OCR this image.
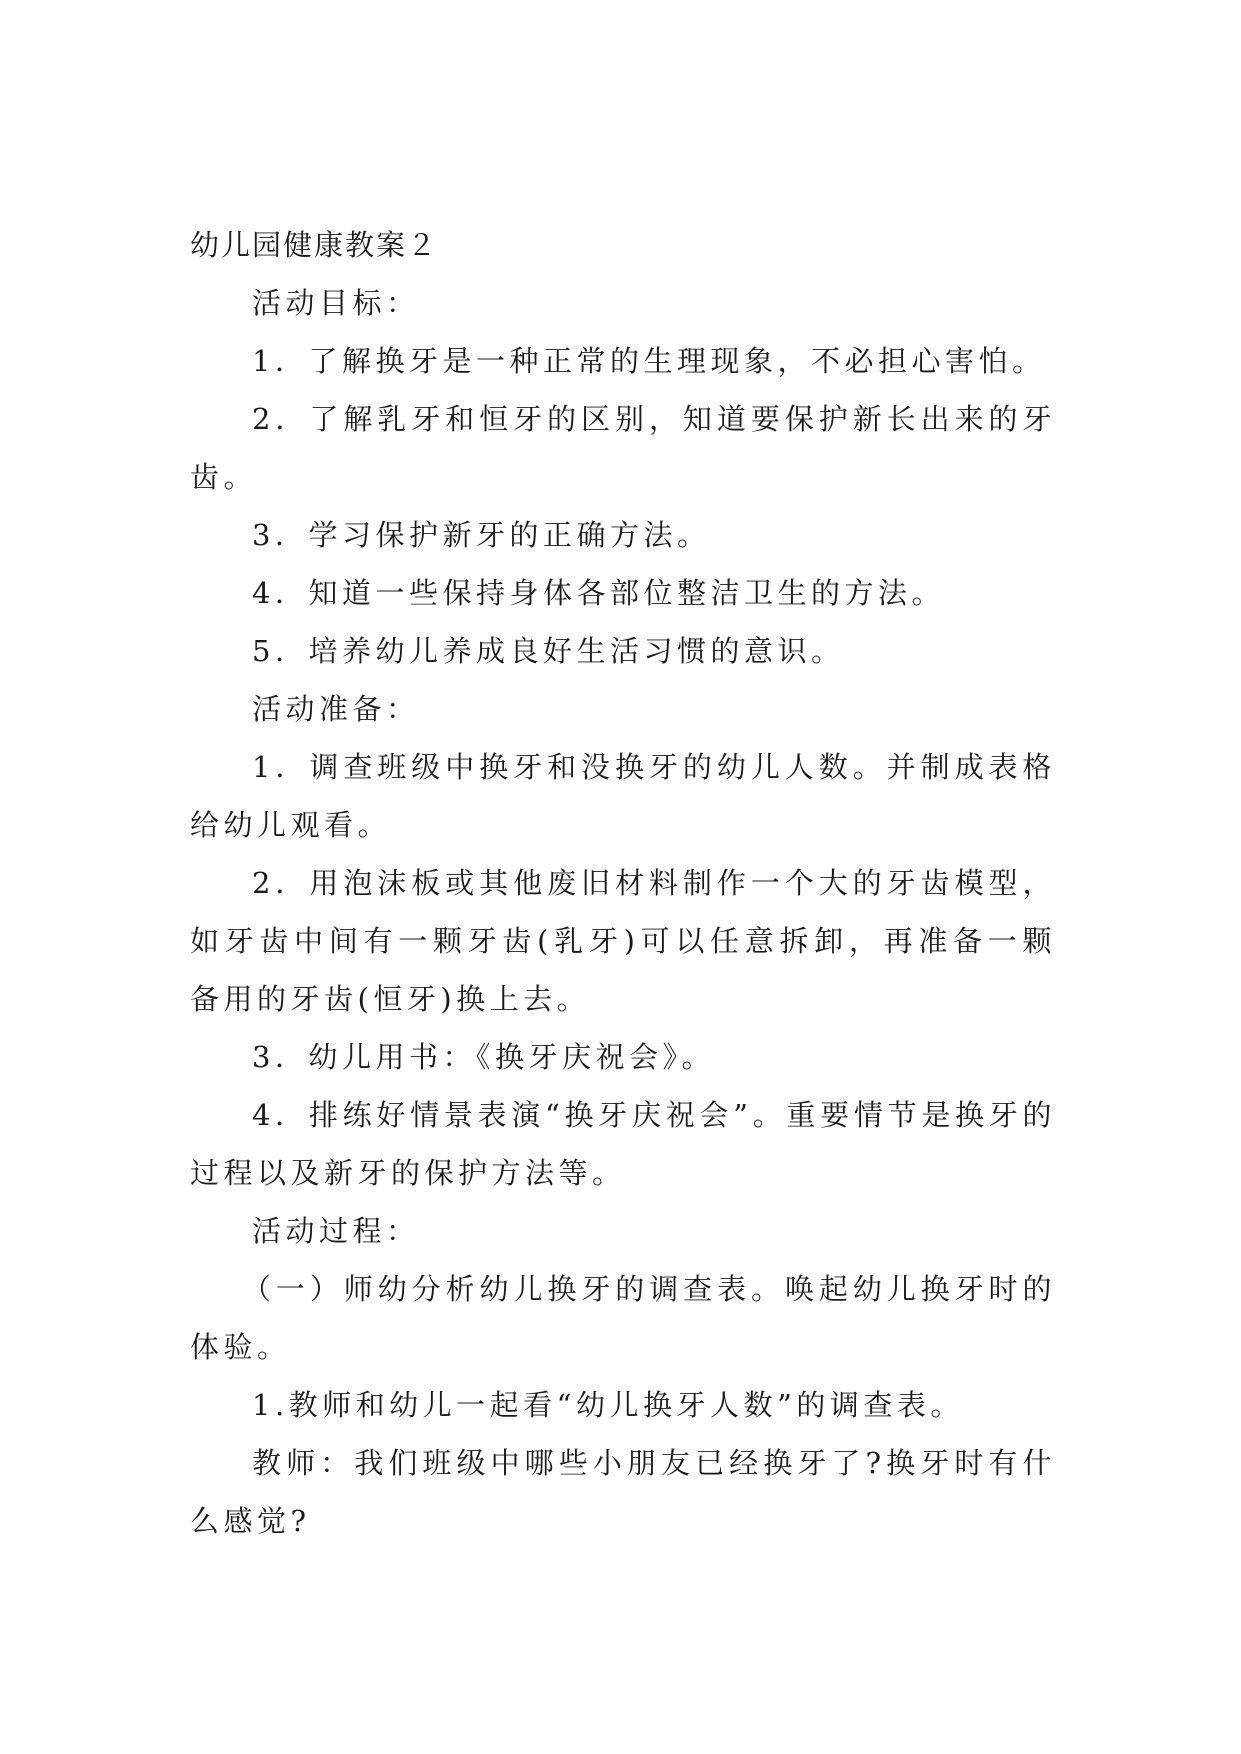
幼儿园健康教案２

活动目标：

1．了解换牙是一种正常的生理现象，不必担心害怕。

2．了解乳牙和恒牙的区别，知道要保护新长出来的牙齿。

3．学习保护新牙的正确方法。

4．知道一些保持身体各部位整洁卫生的方法。

5．培养幼儿养成良好生活习惯的意识。

活动准备：

1．调查班级中换牙和没换牙的幼儿人数。并制成表格给幼儿观看。

2．用泡沫板或其他废旧材料制作一个大的牙齿模型，如牙齿中间有一颗牙齿(乳牙)可以任意拆卸，再准备一颗备用的牙齿(恒牙)换上去。

3．幼儿用书：《换牙庆祝会》。

4．排练好情景表演“换牙庆祝会”。重要情节是换牙的过程以及新牙的保护方法等。

活动过程：

（一）师幼分析幼儿换牙的调查表。唤起幼儿换牙时的体验。

1.教师和幼儿一起看“幼儿换牙人数”的调查表。

教师：我们班级中哪些小朋友已经换牙了?换牙时有什么感觉?
